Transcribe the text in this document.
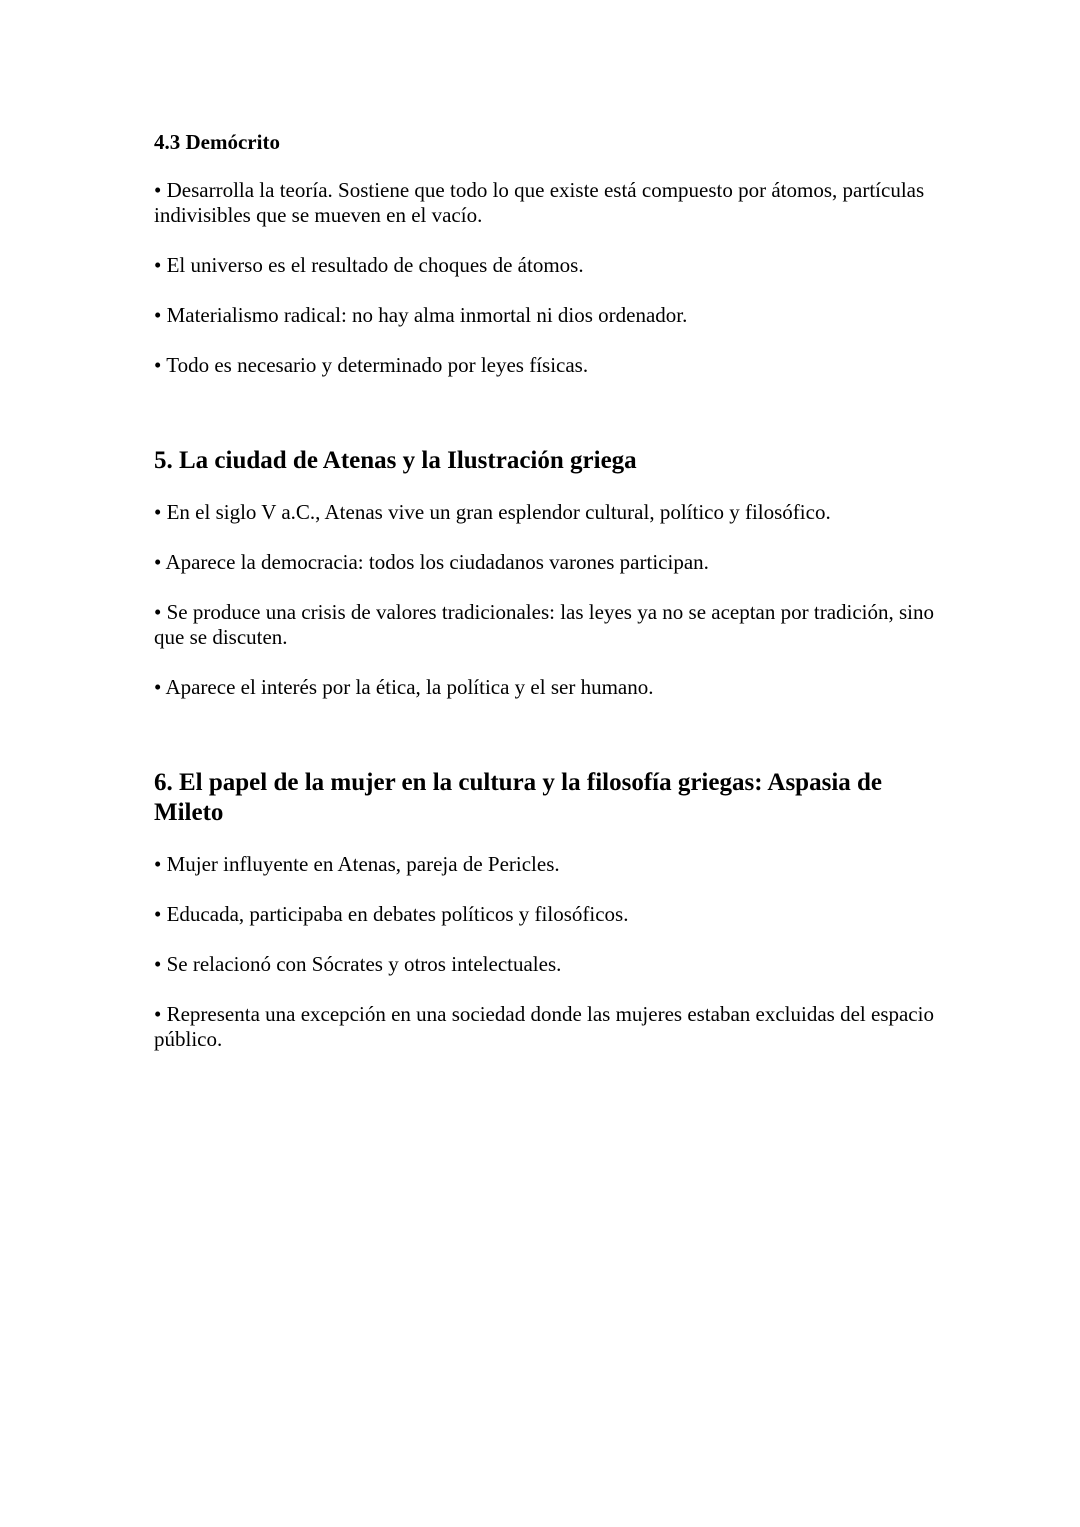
4.3 Demócrito

• Desarrolla la teoría. Sostiene que todo lo que existe está compuesto por átomos, partículas indivisibles que se mueven en el vacío.

• El universo es el resultado de choques de átomos.

• Materialismo radical: no hay alma inmortal ni dios ordenador.

• Todo es necesario y determinado por leyes físicas.

5. La ciudad de Atenas y la Ilustración griega

• En el siglo V a.C., Atenas vive un gran esplendor cultural, político y filosófico.

• Aparece la democracia: todos los ciudadanos varones participan.

• Se produce una crisis de valores tradicionales: las leyes ya no se aceptan por tradición, sino que se discuten.

• Aparece el interés por la ética, la política y el ser humano.

6. El papel de la mujer en la cultura y la filosofía griegas: Aspasia de Mileto

• Mujer influyente en Atenas, pareja de Pericles.

• Educada, participaba en debates políticos y filosóficos.

• Se relacionó con Sócrates y otros intelectuales.

• Representa una excepción en una sociedad donde las mujeres estaban excluidas del espacio público.
